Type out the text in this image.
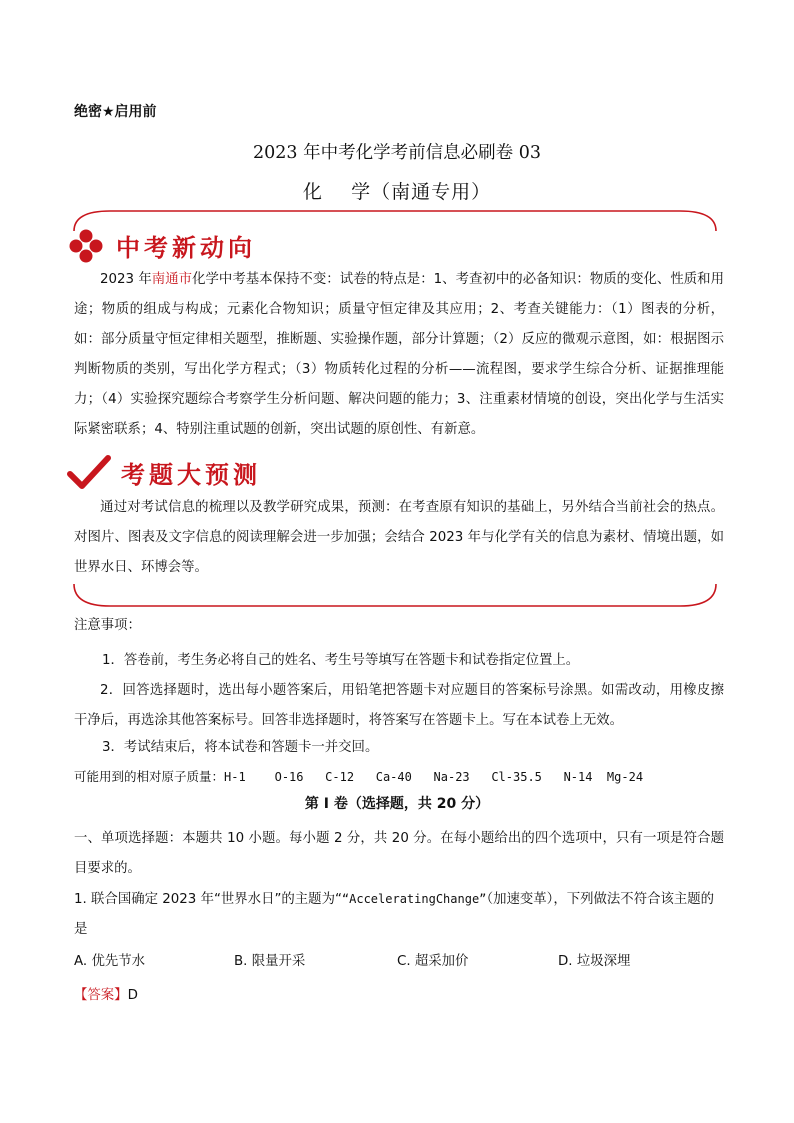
绝密★启用前
2023 年中考化学考前信息必刷卷 03
化    学（南通专用）
中考新动向
2023 年南通市化学中考基本保持不变：试卷的特点是：1、考查初中的必备知识：物质的变化、性质和用途；物质的组成与构成；元素化合物知识；质量守恒定律及其应用；2、考查关键能力：（1）图表的分析，如：部分质量守恒定律相关题型，推断题、实验操作题，部分计算题；（2）反应的微观示意图，如：根据图示判断物质的类别，写出化学方程式；（3）物质转化过程的分析——流程图，要求学生综合分析、证据推理能力；（4）实验探究题综合考察学生分析问题、解决问题的能力；3、注重素材情境的创设，突出化学与生活实际紧密联系；4、特别注重试题的创新，突出试题的原创性、有新意。
考题大预测
通过对考试信息的梳理以及教学研究成果，预测：在考查原有知识的基础上，另外结合当前社会的热点。对图片、图表及文字信息的阅读理解会进一步加强；会结合 2023 年与化学有关的信息为素材、情境出题，如世界水日、环博会等。
注意事项：
1．答卷前，考生务必将自己的姓名、考生号等填写在答题卡和试卷指定位置上。
2．回答选择题时，选出每小题答案后，用铅笔把答题卡对应题目的答案标号涂黑。如需改动，用橡皮擦干净后，再选涂其他答案标号。回答非选择题时，将答案写在答题卡上。写在本试卷上无效。
3．考试结束后，将本试卷和答题卡一并交回。
可能用到的相对原子质量：H-1    O-16   C-12   Ca-40   Na-23   Cl-35.5   N-14  Mg-24
第 I 卷（选择题，共 20 分）
一、单项选择题：本题共 10 小题。每小题 2 分，共 20 分。在每小题给出的四个选项中，只有一项是符合题目要求的。
1. 联合国确定 2023 年“世界水日”的主题为““AcceleratingChange”（加速变革），下列做法不符合该主题的是
A. 优先节水	B. 限量开采	C. 超采加价	D. 垃圾深埋
【答案】D
